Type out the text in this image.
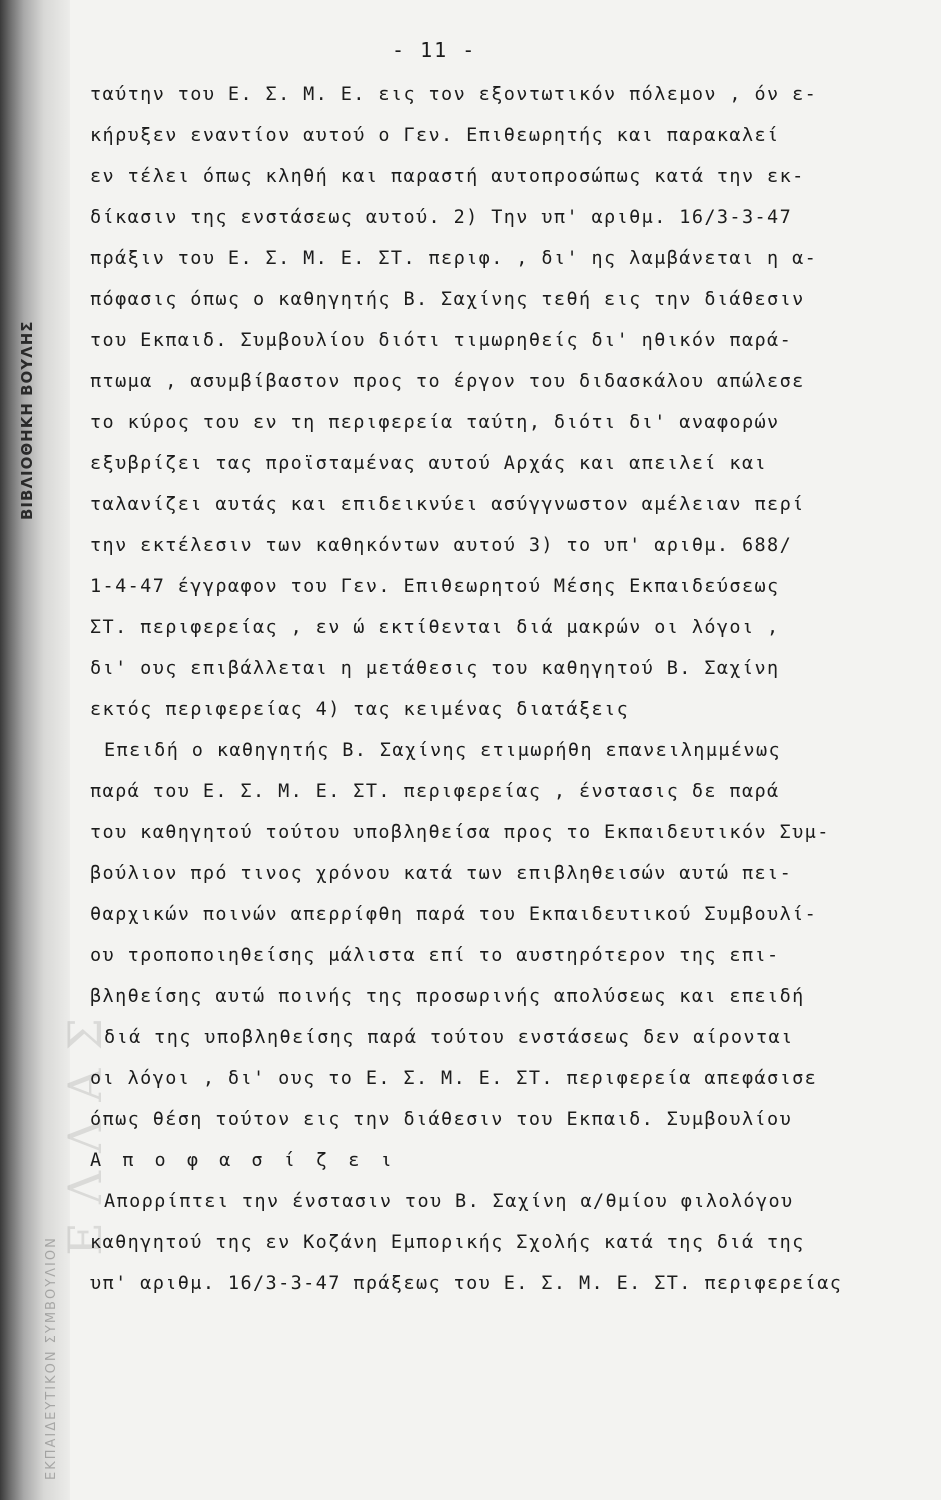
ΒΙΒΛΙΟΘΗΚΗ ΒΟΥΛΗΣ
ΕΛΛΑΣ
ΕΚΠΑΙΔΕΥΤΙΚΟΝ ΣΥΜΒΟΥΛΙΟΝ
- 11 -
ταύτην του Ε. Σ. Μ. Ε. εις τον εξοντωτικόν πόλεμον , όν ε-
κήρυξεν εναντίον αυτού ο Γεν. Επιθεωρητής και παρακαλεί
εν τέλει όπως κληθή και παραστή αυτοπροσώπως κατά την εκ-
δίκασιν της ενστάσεως αυτού. 2) Την υπ' αριθμ. 16/3-3-47
πράξιν του Ε. Σ. Μ. Ε. ΣΤ. περιφ. , δι' ης λαμβάνεται η α-
πόφασις όπως ο καθηγητής Β. Σαχίνης τεθή εις την διάθεσιν
του Εκπαιδ. Συμβουλίου διότι τιμωρηθείς δι' ηθικόν παρά-
πτωμα , ασυμβίβαστον προς το έργον του διδασκάλου απώλεσε
το κύρος του εν τη περιφερεία ταύτη, διότι δι' αναφορών
εξυβρίζει τας προϊσταμένας αυτού Αρχάς και απειλεί και
ταλανίζει αυτάς και επιδεικνύει ασύγγνωστον αμέλειαν περί
την εκτέλεσιν των καθηκόντων αυτού 3) το υπ' αριθμ. 688/
1-4-47 έγγραφον του Γεν. Επιθεωρητού Μέσης Εκπαιδεύσεως
ΣΤ. περιφερείας , εν ώ εκτίθενται διά μακρών οι λόγοι ,
δι' ους επιβάλλεται η μετάθεσις του καθηγητού Β. Σαχίνη
εκτός περιφερείας 4) τας κειμένας διατάξεις
Επειδή ο καθηγητής Β. Σαχίνης ετιμωρήθη επανειλημμένως
παρά του Ε. Σ. Μ. Ε. ΣΤ. περιφερείας , ένστασις δε παρά
του καθηγητού τούτου υποβληθείσα προς το Εκπαιδευτικόν Συμ-
βούλιον πρό τινος χρόνου κατά των επιβληθεισών αυτώ πει-
θαρχικών ποινών απερρίφθη παρά του Εκπαιδευτικού Συμβουλί-
ου τροποποιηθείσης μάλιστα επί το αυστηρότερον της επι-
βληθείσης αυτώ ποινής της προσωρινής απολύσεως και επειδή
διά της υποβληθείσης παρά τούτου ενστάσεως δεν αίρονται
οι λόγοι , δι' ους το Ε. Σ. Μ. Ε. ΣΤ. περιφερεία απεφάσισε
όπως θέση τούτον εις την διάθεσιν του Εκπαιδ. Συμβουλίου
Α π ο φ α σ ί ζ ε ι
Απορρίπτει την ένστασιν του Β. Σαχίνη α/θμίου φιλολόγου
καθηγητού της εν Κοζάνη Εμπορικής Σχολής κατά της διά της
υπ' αριθμ. 16/3-3-47 πράξεως του Ε. Σ. Μ. Ε. ΣΤ. περιφερείας
